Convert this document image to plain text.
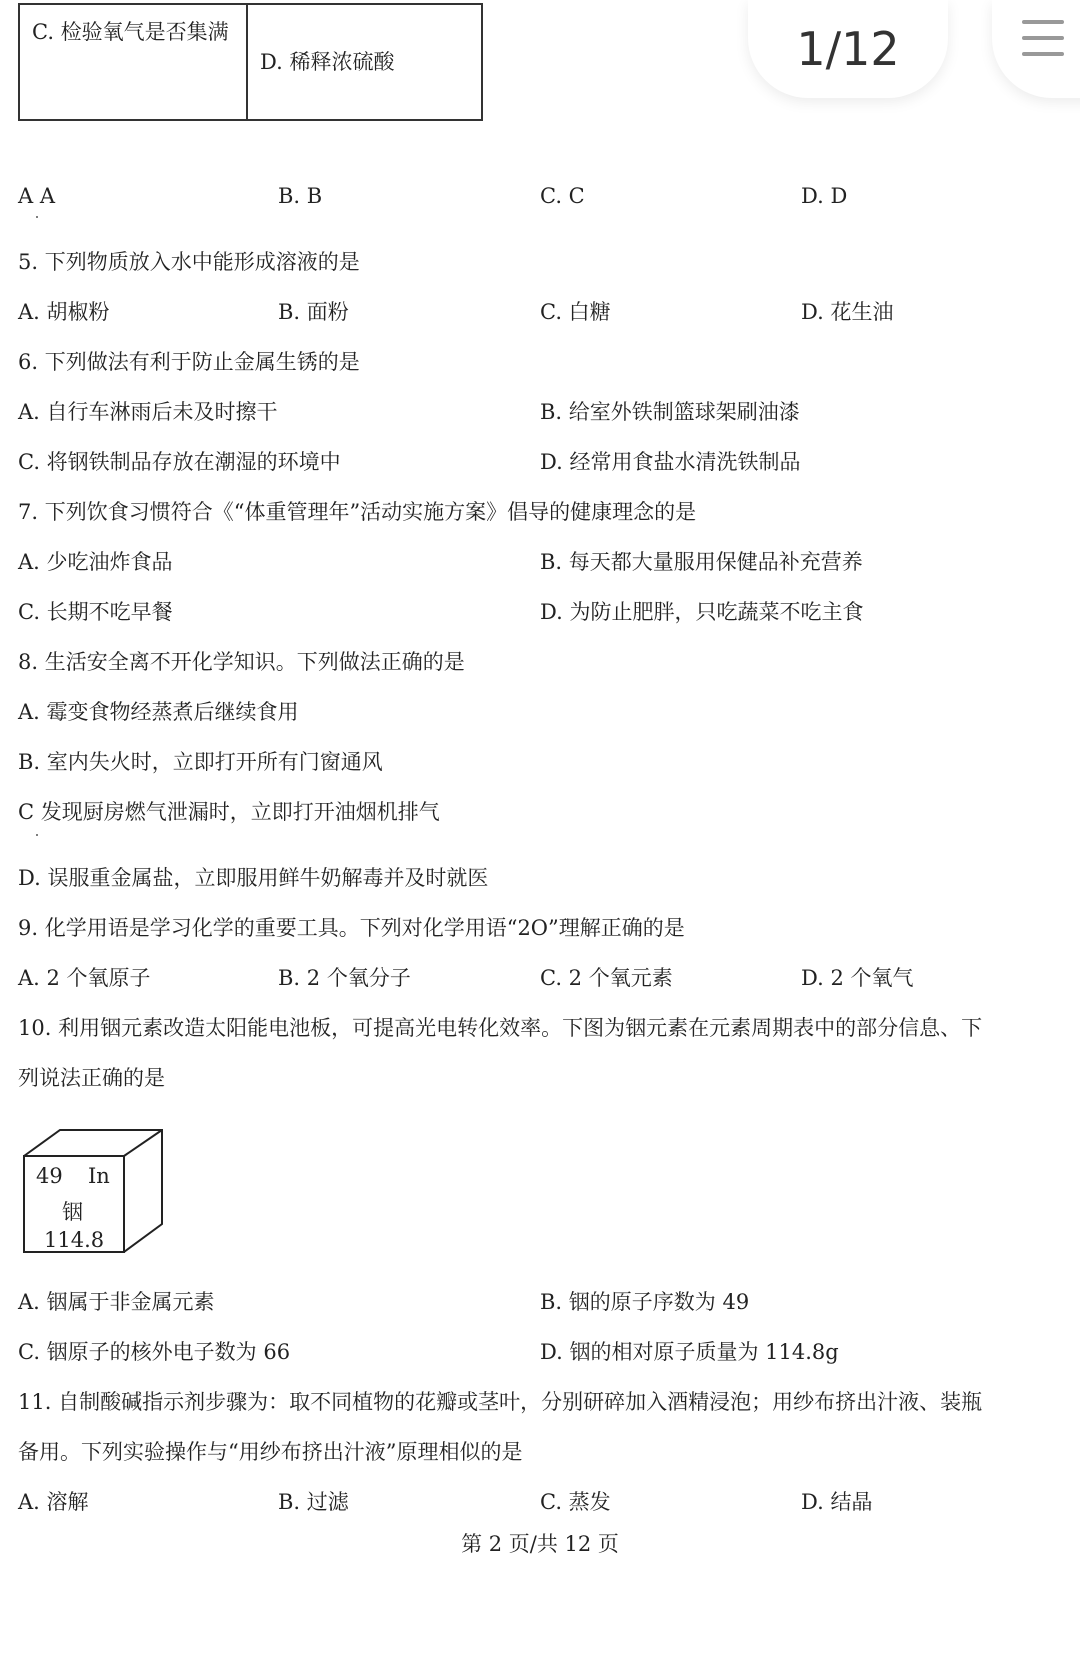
C. 检验氧气是否集满
D. 稀释浓硫酸	1/12
A A	B. B	C. C	D. D
5. 下列物质放入水中能形成溶液的是
A. 胡椒粉	B. 面粉	C. 白糖	D. 花生油
6. 下列做法有利于防止金属生锈的是
A. 自行车淋雨后未及时擦干	B. 给室外铁制篮球架刷油漆
C. 将钢铁制品存放在潮湿的环境中	D. 经常用食盐水清洗铁制品
7. 下列饮食习惯符合《“体重管理年”活动实施方案》倡导的健康理念的是
A. 少吃油炸食品	B. 每天都大量服用保健品补充营养
C. 长期不吃早餐	D. 为防止肥胖，只吃蔬菜不吃主食
8. 生活安全离不开化学知识。下列做法正确的是
A. 霉变食物经蒸煮后继续食用
B. 室内失火时，立即打开所有门窗通风
C 发现厨房燃气泄漏时，立即打开油烟机排气
D. 误服重金属盐，立即服用鲜牛奶解毒并及时就医
9. 化学用语是学习化学的重要工具。下列对化学用语“2O”理解正确的是
A. 2 个氧原子	B. 2 个氧分子	C. 2 个氧元素	D. 2 个氧气
10. 利用铟元素改造太阳能电池板，可提高光电转化效率。下图为铟元素在元素周期表中的部分信息、下
列说法正确的是
49 In
铟
114.8
A. 铟属于非金属元素	B. 铟的原子序数为 49
C. 铟原子的核外电子数为 66	D. 铟的相对原子质量为 114.8g
11. 自制酸碱指示剂步骤为：取不同植物的花瓣或茎叶，分别研碎加入酒精浸泡；用纱布挤出汁液、装瓶
备用。下列实验操作与“用纱布挤出汁液”原理相似的是
A. 溶解	B. 过滤	C. 蒸发	D. 结晶
第 2 页/共 12 页
